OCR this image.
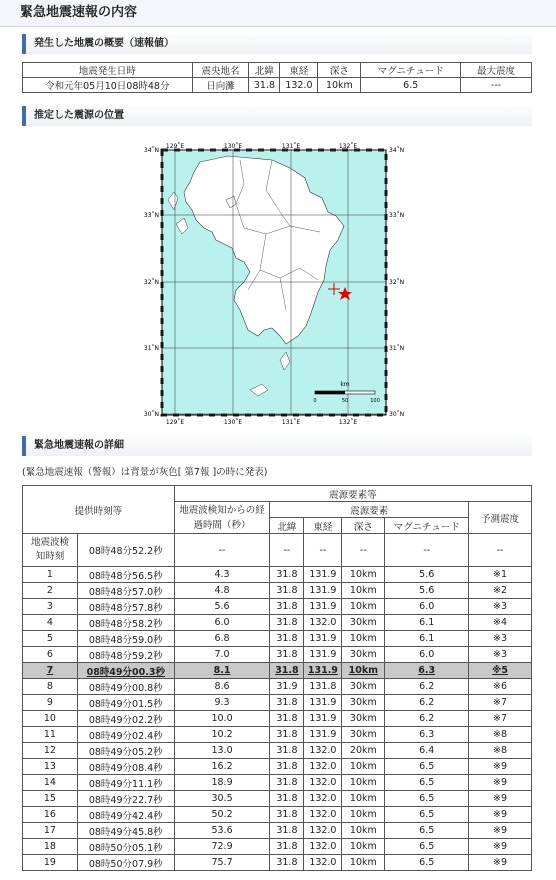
緊急地震速報の内容
発生した地震の概要（速報値）
地震発生日時	震央地名	北緯	東経	深さ	マグニチュード	最大震度
令和元年05月10日08時48分	日向灘	31.8	132.0	10km	6.5	---
推定した震源の位置
129˚E	130˚E	131˚E	132˚E
129˚E	130˚E	131˚E	132˚E
34˚N
33˚N
32˚N
31˚N
30˚N
34˚N
33˚N
32˚N
31˚N
30˚N
km
0	50	100
緊急地震速報の詳細
(緊急地震速報（警報）は背景が灰色[ 第7報 ]の時に発表)
提供時刻等		震源要素等					
		地震波検知からの経過時間（秒）	震源要素				予測震度
			北緯	東経	深さ	マグニチュード	
地震波検知時刻	08時48分52.2秒	--	--	--	--	--	--
1	08時48分56.5秒	4.3	31.8	131.9	10km	5.6	※1
2	08時48分57.0秒	4.8	31.8	131.9	10km	5.6	※2
3	08時48分57.8秒	5.6	31.8	131.9	10km	6.0	※3
4	08時48分58.2秒	6.0	31.8	132.0	30km	6.1	※4
5	08時48分59.0秒	6.8	31.8	131.9	10km	6.1	※3
6	08時48分59.2秒	7.0	31.8	131.9	30km	6.0	※3
7	08時49分00.3秒	8.1	31.8	131.9	10km	6.3	※5
8	08時49分00.8秒	8.6	31.9	131.8	30km	6.2	※6
9	08時49分01.5秒	9.3	31.8	131.9	30km	6.2	※7
10	08時49分02.2秒	10.0	31.8	131.9	30km	6.2	※7
11	08時49分02.4秒	10.2	31.8	131.9	30km	6.3	※8
12	08時49分05.2秒	13.0	31.8	132.0	20km	6.4	※8
13	08時49分08.4秒	16.2	31.8	132.0	10km	6.5	※9
14	08時49分11.1秒	18.9	31.8	132.0	10km	6.5	※9
15	08時49分22.7秒	30.5	31.8	132.0	10km	6.5	※9
16	08時49分42.4秒	50.2	31.8	132.0	10km	6.5	※9
17	08時49分45.8秒	53.6	31.8	132.0	10km	6.5	※9
18	08時50分05.1秒	72.9	31.8	132.0	10km	6.5	※9
19	08時50分07.9秒	75.7	31.8	132.0	10km	6.5	※9
